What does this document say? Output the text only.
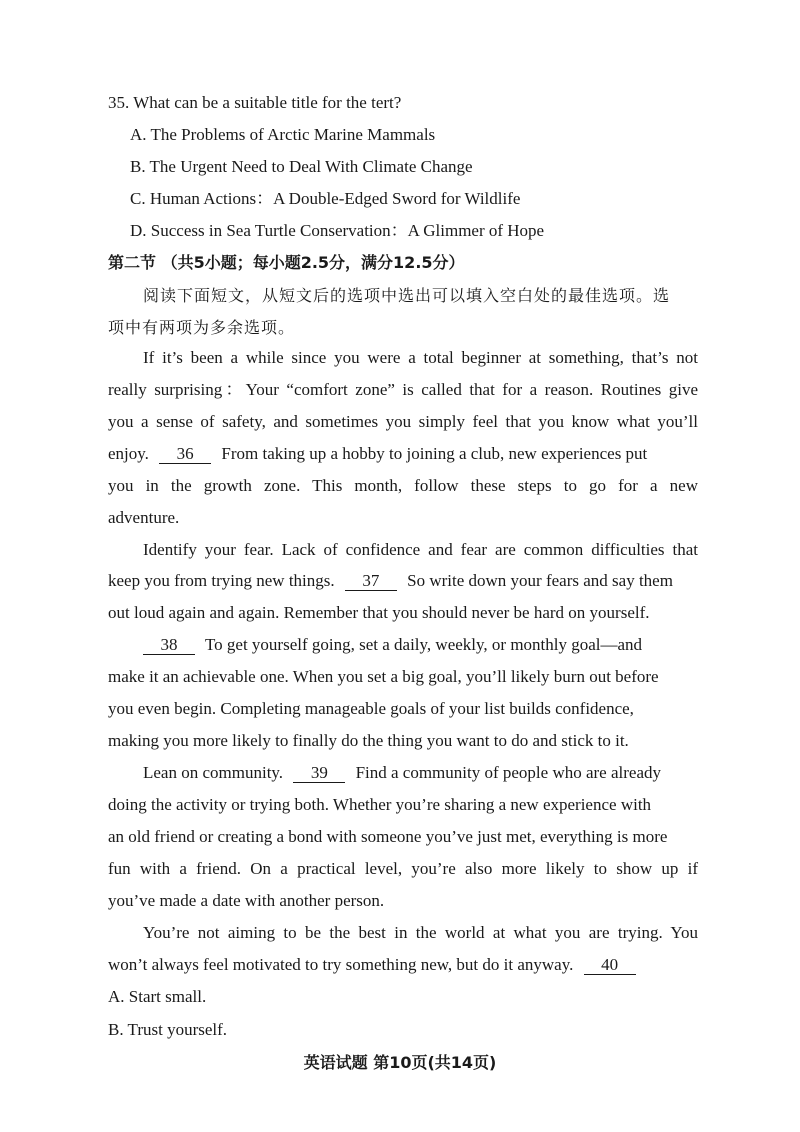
35. What can be a suitable title for the tert?
A. The Problems of Arctic Marine Mammals
B. The Urgent Need to Deal With Climate Change
C. Human Actions：A Double-Edged Sword for Wildlife
D. Success in Sea Turtle Conservation：A Glimmer of Hope
第二节 （共5小题；每小题2.5分，满分12.5分）
阅读下面短文，从短文后的选项中选出可以填入空白处的最佳选项。选
项中有两项为多余选项。
If it’s been a while since you were a total beginner at something, that’s not
really surprising：Your “comfort zone” is called that for a reason. Routines give
you a sense of safety, and sometimes you simply feel that you know what you’ll
enjoy. 36 From taking up a hobby to joining a club, new experiences put
you in the growth zone. This month, follow these steps to go for a new
adventure.
Identify your fear. Lack of confidence and fear are common difficulties that
keep you from trying new things. 37 So write down your fears and say them
out loud again and again. Remember that you should never be hard on yourself.
38 To get yourself going, set a daily, weekly, or monthly goal—and
make it an achievable one. When you set a big goal, you’ll likely burn out before
you even begin. Completing manageable goals of your list builds confidence,
making you more likely to finally do the thing you want to do and stick to it.
Lean on community. 39 Find a community of people who are already
doing the activity or trying both. Whether you’re sharing a new experience with
an old friend or creating a bond with someone you’ve just met, everything is more
fun with a friend. On a practical level, you’re also more likely to show up if
you’ve made a date with another person.
You’re not aiming to be the best in the world at what you are trying. You
won’t always feel motivated to try something new, but do it anyway. 40
A. Start small.
B. Trust yourself.
英语试题 第10页(共14页)
